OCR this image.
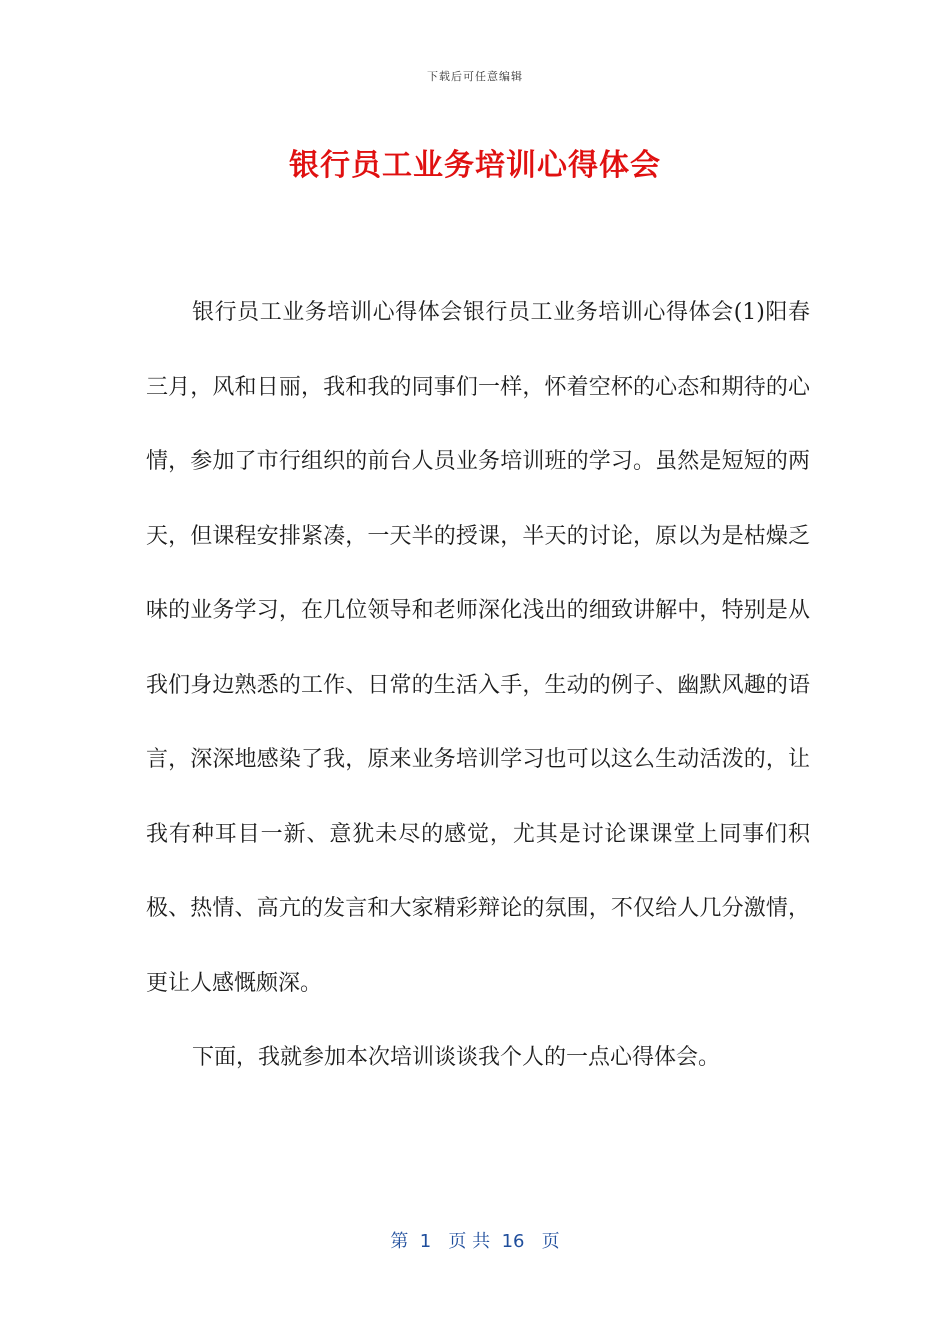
下载后可任意编辑
银行员工业务培训心得体会

银行员工业务培训心得体会银行员工业务培训心得体会(1)阳春三月，风和日丽，我和我的同事们一样，怀着空杯的心态和期待的心情，参加了市行组织的前台人员业务培训班的学习。虽然是短短的两天，但课程安排紧凑，一天半的授课，半天的讨论，原以为是枯燥乏味的业务学习，在几位领导和老师深化浅出的细致讲解中，特别是从我们身边熟悉的工作、日常的生活入手，生动的例子、幽默风趣的语言，深深地感染了我，原来业务培训学习也可以这么生动活泼的，让我有种耳目一新、意犹未尽的感觉，尤其是讨论课课堂上同事们积极、热情、高亢的发言和大家精彩辩论的氛围，不仅给人几分激情，更让人感慨颇深。

下面，我就参加本次培训谈谈我个人的一点心得体会。

第  1   页 共  16   页
